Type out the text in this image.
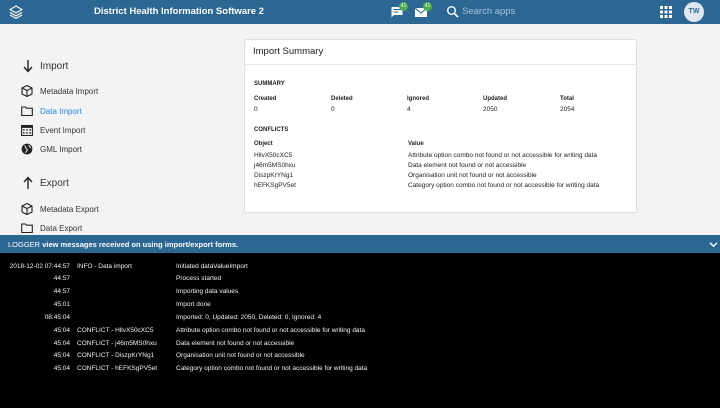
District Health Information Software 2	41	41
Search apps
TW
Import
Metadata Import
Data Import
Event Import
GML Import
Export
Metadata Export
Data Export
Import Summary
SUMMARY
Created	Deleted	Ignored	Updated	Total
0	0	4	2050	2054
CONFLICTS
Object	Value
HllvX50cXC5	Attribute option combo not found or not accessible for writing data
j46m5MS0hxu	Data element not found or not accessible
DiszpKrYNg1	Organisation unit not found or not accessible
hEFKSgPV5et	Category option combo not found or not accessible for writing data
LOGGER view messages received on using import/export forms.
2018-12-02 07:44:57 INFO - Data import	Initiated dataValueImport
44:57	Process started
44:57	Importing data values
45:01	Import done
08:45:04	Imported: 0, Updated: 2050, Deleted: 0, Ignored: 4
45:04 CONFLICT - HllvX50cXC5	Attribute option combo not found or not accessible for writing data
45:04 CONFLICT - j46m5MS0hxu	Data element not found or not accessible
45:04 CONFLICT - DiszpKrYNg1	Organisation unit not found or not accessible
45:04 CONFLICT - hEFKSgPV5et	Category option combo not found or not accessible for writing data
